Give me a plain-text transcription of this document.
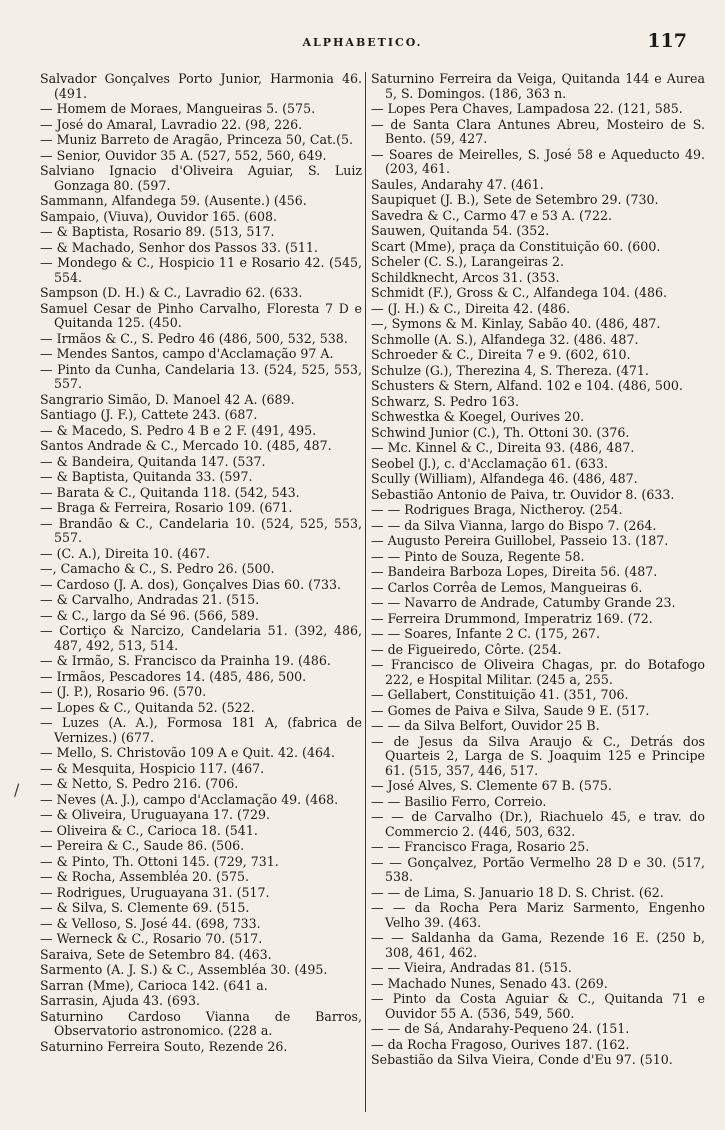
ALPHABETICO.	117
/
Salvador Gonçalves Porto Junior, Harmonia 46. (491.
— Homem de Moraes, Mangueiras 5. (575.
— José do Amaral, Lavradio 22. (98, 226.
— Muniz Barreto de Aragão, Princeza 50, Cat.(5.
— Senior, Ouvidor 35 A. (527, 552, 560, 649.
Salviano Ignacio d'Oliveira Aguiar, S. Luiz Gonzaga 80. (597.
Sammann, Alfandega 59. (Ausente.) (456.
Sampaio, (Viuva), Ouvidor 165. (608.
— & Baptista, Rosario 89. (513, 517.
— & Machado, Senhor dos Passos 33. (511.
— Mondego & C., Hospicio 11 e Rosario 42. (545, 554.
Sampson (D. H.) & C., Lavradio 62. (633.
Samuel Cesar de Pinho Carvalho, Floresta 7 D e Quitanda 125. (450.
— Irmãos & C., S. Pedro 46 (486, 500, 532, 538.
— Mendes Santos, campo d'Acclamação 97 A.
— Pinto da Cunha, Candelaria 13. (524, 525, 553, 557.
Sangrario Simão, D. Manoel 42 A. (689.
Santiago (J. F.), Cattete 243. (687.
— & Macedo, S. Pedro 4 B e 2 F. (491, 495.
Santos Andrade & C., Mercado 10. (485, 487.
— & Bandeira, Quitanda 147. (537.
— & Baptista, Quitanda 33. (597.
— Barata & C., Quitanda 118. (542, 543.
— Braga & Ferreira, Rosario 109. (671.
— Brandão & C., Candelaria 10. (524, 525, 553, 557.
— (C. A.), Direita 10. (467.
—, Camacho & C., S. Pedro 26. (500.
— Cardoso (J. A. dos), Gonçalves Dias 60. (733.
— & Carvalho, Andradas 21. (515.
— & C., largo da Sé 96. (566, 589.
— Cortiço & Narcizo, Candelaria 51. (392, 486, 487, 492, 513, 514.
— & Irmão, S. Francisco da Prainha 19. (486.
— Irmãos, Pescadores 14. (485, 486, 500.
— (J. P.), Rosario 96. (570.
— Lopes & C., Quitanda 52. (522.
— Luzes (A. A.), Formosa 181 A, (fabrica de Vernizes.) (677.
— Mello, S. Christovão 109 A e Quit. 42. (464.
— & Mesquita, Hospicio 117. (467.
— & Netto, S. Pedro 216. (706.
— Neves (A. J.), campo d'Acclamação 49. (468.
— & Oliveira, Uruguayana 17. (729.
— Oliveira & C., Carioca 18. (541.
— Pereira & C., Saude 86. (506.
— & Pinto, Th. Ottoni 145. (729, 731.
— & Rocha, Assembléa 20. (575.
— Rodrigues, Uruguayana 31. (517.
— & Silva, S. Clemente 69. (515.
— & Velloso, S. José 44. (698, 733.
— Werneck & C., Rosario 70. (517.
Saraiva, Sete de Setembro 84. (463.
Sarmento (A. J. S.) & C., Assembléa 30. (495.
Sarran (Mme), Carioca 142. (641 a.
Sarrasin, Ajuda 43. (693.
Saturnino Cardoso Vianna de Barros, Observatorio astronomico. (228 a.
Saturnino Ferreira Souto, Rezende 26.
Saturnino Ferreira da Veiga, Quitanda 144 e Aurea 5, S. Domingos. (186, 363 n.
— Lopes Pera Chaves, Lampadosa 22. (121, 585.
— de Santa Clara Antunes Abreu, Mosteiro de S. Bento. (59, 427.
— Soares de Meirelles, S. José 58 e Aqueducto 49. (203, 461.
Saules, Andarahy 47. (461.
Saupiquet (J. B.), Sete de Setembro 29. (730.
Savedra & C., Carmo 47 e 53 A. (722.
Sauwen, Quitanda 54. (352.
Scart (Mme), praça da Constituição 60. (600.
Scheler (C. S.), Larangeiras 2.
Schildknecht, Arcos 31. (353.
Schmidt (F.), Gross & C., Alfandega 104. (486.
— (J. H.) & C., Direita 42. (486.
—, Symons & M. Kinlay, Sabão 40. (486, 487.
Schmolle (A. S.), Alfandega 32. (486. 487.
Schroeder & C., Direita 7 e 9. (602, 610.
Schulze (G.), Therezina 4, S. Thereza. (471.
Schusters & Stern, Alfand. 102 e 104. (486, 500.
Schwarz, S. Pedro 163.
Schwestka & Koegel, Ourives 20.
Schwind Junior (C.), Th. Ottoni 30. (376.
— Mc. Kinnel & C., Direita 93. (486, 487.
Seobel (J.), c. d'Acclamação 61. (633.
Scully (William), Alfandega 46. (486, 487.
Sebastião Antonio de Paiva, tr. Ouvidor 8. (633.
— — Rodrigues Braga, Nictheroy. (254.
— — da Silva Vianna, largo do Bispo 7. (264.
— Augusto Pereira Guillobel, Passeio 13. (187.
— — Pinto de Souza, Regente 58.
— Bandeira Barboza Lopes, Direita 56. (487.
— Carlos Corrêa de Lemos, Mangueiras 6.
— — Navarro de Andrade, Catumby Grande 23.
— Ferreira Drummond, Imperatriz 169. (72.
— — Soares, Infante 2 C. (175, 267.
— de Figueiredo, Côrte. (254.
— Francisco de Oliveira Chagas, pr. do Botafogo 222, e Hospital Militar. (245 a, 255.
— Gellabert, Constituição 41. (351, 706.
— Gomes de Paiva e Silva, Saude 9 E. (517.
— — da Silva Belfort, Ouvidor 25 B.
— de Jesus da Silva Araujo & C., Detrás dos Quarteis 2, Larga de S. Joaquim 125 e Principe 61. (515, 357, 446, 517.
— José Alves, S. Clemente 67 B. (575.
— — Basilio Ferro, Correio.
— — de Carvalho (Dr.), Riachuelo 45, e trav. do Commercio 2. (446, 503, 632.
— — Francisco Fraga, Rosario 25.
— — Gonçalvez, Portão Vermelho 28 D e 30. (517, 538.
— — de Lima, S. Januario 18 D. S. Christ. (62.
— — da Rocha Pera Mariz Sarmento, Engenho Velho 39. (463.
— — Saldanha da Gama, Rezende 16 E. (250 b, 308, 461, 462.
— — Vieira, Andradas 81. (515.
— Machado Nunes, Senado 43. (269.
— Pinto da Costa Aguiar & C., Quitanda 71 e Ouvidor 55 A. (536, 549, 560.
— — de Sá, Andarahy-Pequeno 24. (151.
— da Rocha Fragoso, Ourives 187. (162.
Sebastião da Silva Vieira, Conde d'Eu 97. (510.
